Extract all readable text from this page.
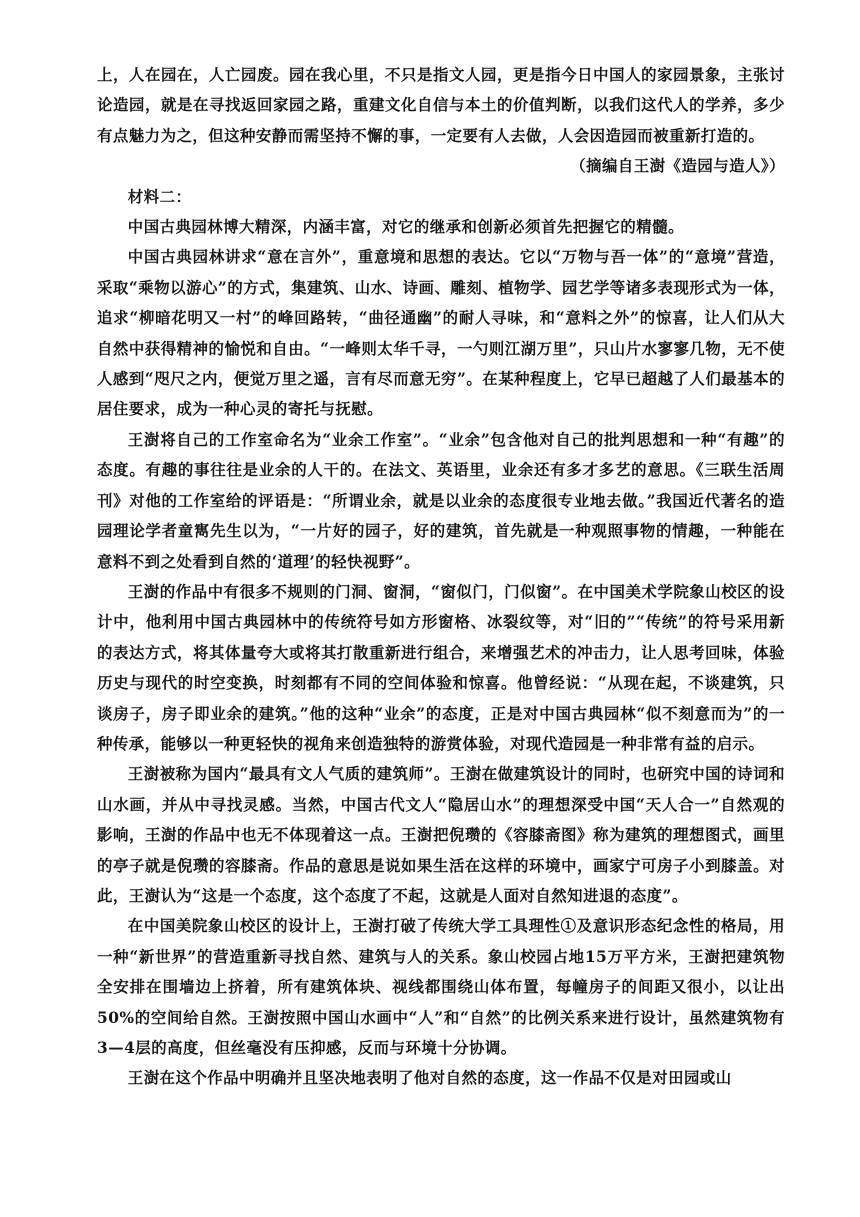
上，人在园在，人亡园废。园在我心里，不只是指文人园，更是指今日中国人的家园景象，主张讨论造园，就是在寻找返回家园之路，重建文化自信与本土的价值判断，以我们这代人的学养，多少有点魅力为之，但这种安静而需坚持不懈的事，一定要有人去做，人会因造园而被重新打造的。

（摘编自王澍《造园与造人》）

材料二：

中国古典园林博大精深，内涵丰富，对它的继承和创新必须首先把握它的精髓。

中国古典园林讲求“意在言外”，重意境和思想的表达。它以“万物与吾一体”的“意境”营造，采取“乘物以游心”的方式，集建筑、山水、诗画、雕刻、植物学、园艺学等诸多表现形式为一体，追求“柳暗花明又一村”的峰回路转，“曲径通幽”的耐人寻味，和“意料之外”的惊喜，让人们从大自然中获得精神的愉悦和自由。“一峰则太华千寻，一勺则江湖万里”，只山片水寥寥几物，无不使人感到“咫尺之内，便觉万里之遥，言有尽而意无穷”。在某种程度上，它早已超越了人们最基本的居住要求，成为一种心灵的寄托与抚慰。

王澍将自己的工作室命名为“业余工作室”。“业余”包含他对自己的批判思想和一种“有趣”的态度。有趣的事往往是业余的人干的。在法文、英语里，业余还有多才多艺的意思。《三联生活周刊》对他的工作室给的评语是：“所谓业余，就是以业余的态度很专业地去做。”我国近代著名的造园理论学者童寯先生以为，“一片好的园子，好的建筑，首先就是一种观照事物的情趣，一种能在意料不到之处看到自然的‘道理’的轻快视野”。

王澍的作品中有很多不规则的门洞、窗洞，“窗似门，门似窗”。在中国美术学院象山校区的设计中，他利用中国古典园林中的传统符号如方形窗格、冰裂纹等，对“旧的”“传统”的符号采用新的表达方式，将其体量夸大或将其打散重新进行组合，来增强艺术的冲击力，让人思考回味，体验历史与现代的时空变换，时刻都有不同的空间体验和惊喜。他曾经说：“从现在起，不谈建筑，只谈房子，房子即业余的建筑。”他的这种“业余”的态度，正是对中国古典园林“似不刻意而为”的一种传承，能够以一种更轻快的视角来创造独特的游赏体验，对现代造园是一种非常有益的启示。

王澍被称为国内“最具有文人气质的建筑师”。王澍在做建筑设计的同时，也研究中国的诗词和山水画，并从中寻找灵感。当然，中国古代文人“隐居山水”的理想深受中国“天人合一”自然观的影响，王澍的作品中也无不体现着这一点。王澍把倪瓒的《容膝斋图》称为建筑的理想图式，画里的亭子就是倪瓒的容膝斋。作品的意思是说如果生活在这样的环境中，画家宁可房子小到膝盖。对此，王澍认为“这是一个态度，这个态度了不起，这就是人面对自然知进退的态度”。

在中国美院象山校区的设计上，王澍打破了传统大学工具理性①及意识形态纪念性的格局，用一种“新世界”的营造重新寻找自然、建筑与人的关系。象山校园占地15万平方米，王澍把建筑物全安排在围墙边上挤着，所有建筑体块、视线都围绕山体布置，每幢房子的间距又很小，以让出50%的空间给自然。王澍按照中国山水画中“人”和“自然”的比例关系来进行设计，虽然建筑物有3—4层的高度，但丝毫没有压抑感，反而与环境十分协调。

王澍在这个作品中明确并且坚决地表明了他对自然的态度，这一作品不仅是对田园或山
